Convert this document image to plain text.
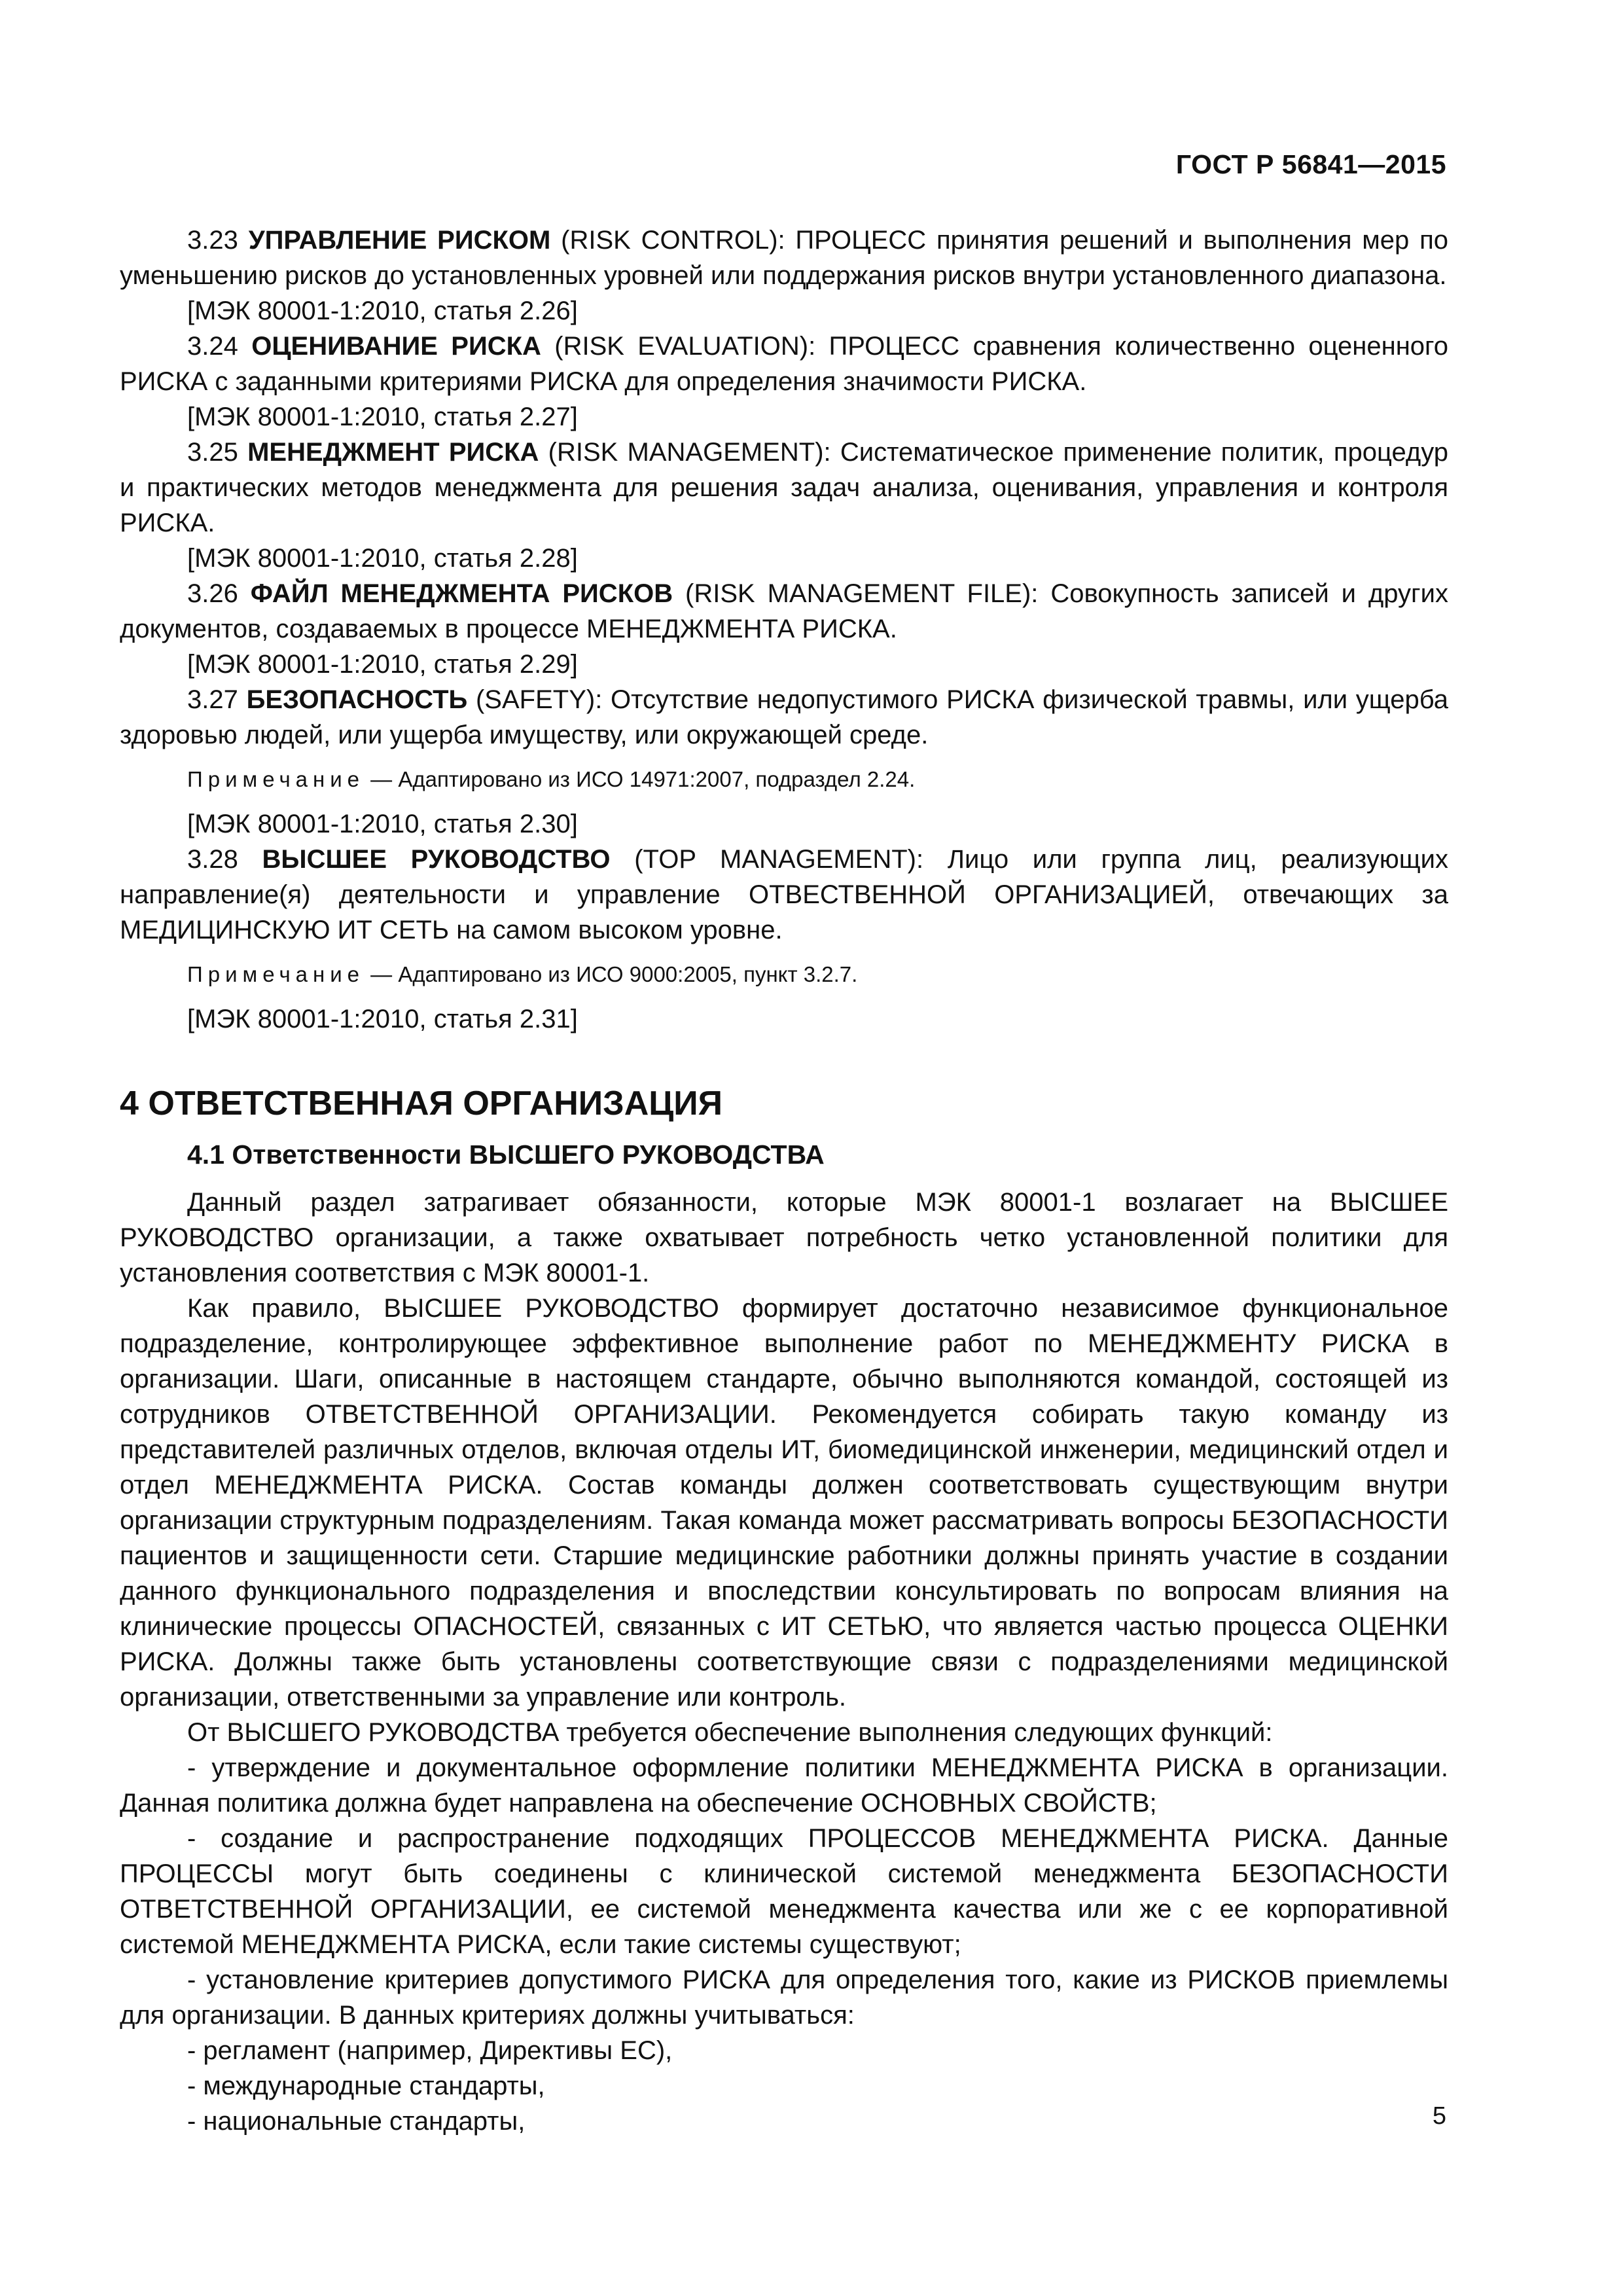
ГОСТ Р 56841—2015

3.23 УПРАВЛЕНИЕ РИСКОМ (RISK CONTROL): ПРОЦЕСС принятия решений и выполнения мер по уменьшению рисков до установленных уровней или поддержания рисков внутри установленного диапазона.

[МЭК 80001-1:2010, статья 2.26]

3.24 ОЦЕНИВАНИЕ РИСКА (RISK EVALUATION): ПРОЦЕСС сравнения количественно оцененного РИСКА с заданными критериями РИСКА для определения значимости РИСКА.

[МЭК 80001-1:2010, статья 2.27]

3.25 МЕНЕДЖМЕНТ РИСКА (RISK MANAGEMENT): Систематическое применение политик, процедур и практических методов менеджмента для решения задач анализа, оценивания, управления и контроля РИСКА.

[МЭК 80001-1:2010, статья 2.28]

3.26 ФАЙЛ МЕНЕДЖМЕНТА РИСКОВ (RISK MANAGEMENT FILE): Совокупность записей и других документов, создаваемых в процессе МЕНЕДЖМЕНТА РИСКА.

[МЭК 80001-1:2010, статья 2.29]

3.27 БЕЗОПАСНОСТЬ (SAFETY): Отсутствие недопустимого РИСКА физической травмы, или ущерба здоровью людей, или ущерба имуществу, или окружающей среде.

Примечание — Адаптировано из ИСО 14971:2007, подраздел 2.24.

[МЭК 80001-1:2010, статья 2.30]

3.28 ВЫСШЕЕ РУКОВОДСТВО (TOP MANAGEMENT): Лицо или группа лиц, реализующих направление(я) деятельности и управление ОТВЕСТВЕННОЙ ОРГАНИЗАЦИЕЙ, отвечающих за МЕДИЦИНСКУЮ ИТ СЕТЬ на самом высоком уровне.

Примечание — Адаптировано из ИСО 9000:2005, пункт 3.2.7.

[МЭК 80001-1:2010, статья 2.31]

4 ОТВЕТСТВЕННАЯ ОРГАНИЗАЦИЯ
4.1 Ответственности ВЫСШЕГО РУКОВОДСТВА

Данный раздел затрагивает обязанности, которые МЭК 80001-1 возлагает на ВЫСШЕЕ РУКОВОДСТВО организации, а также охватывает потребность четко установленной политики для установления соответствия с МЭК 80001-1.

Как правило, ВЫСШЕЕ РУКОВОДСТВО формирует достаточно независимое функциональное подразделение, контролирующее эффективное выполнение работ по МЕНЕДЖМЕНТУ РИСКА в организации. Шаги, описанные в настоящем стандарте, обычно выполняются командой, состоящей из сотрудников ОТВЕТСТВЕННОЙ ОРГАНИЗАЦИИ. Рекомендуется собирать такую команду из представителей различных отделов, включая отделы ИТ, биомедицинской инженерии, медицинский отдел и отдел МЕНЕДЖМЕНТА РИСКА. Состав команды должен соответствовать существующим внутри организации структурным подразделениям. Такая команда может рассматривать вопросы БЕЗОПАСНОСТИ пациентов и защищенности сети. Старшие медицинские работники должны принять участие в создании данного функционального подразделения и впоследствии консультировать по вопросам влияния на клинические процессы ОПАСНОСТЕЙ, связанных с ИТ СЕТЬЮ, что является частью процесса ОЦЕНКИ РИСКА. Должны также быть установлены соответствующие связи с подразделениями медицинской организации, ответственными за управление или контроль.

От ВЫСШЕГО РУКОВОДСТВА требуется обеспечение выполнения следующих функций:

- утверждение и документальное оформление политики МЕНЕДЖМЕНТА РИСКА в организации. Данная политика должна будет направлена на обеспечение ОСНОВНЫХ СВОЙСТВ;

- создание и распространение подходящих ПРОЦЕССОВ МЕНЕДЖМЕНТА РИСКА. Данные ПРОЦЕССЫ могут быть соединены с клинической системой менеджмента БЕЗОПАСНОСТИ ОТВЕТСТВЕННОЙ ОРГАНИЗАЦИИ, ее системой менеджмента качества или же с ее корпоративной системой МЕНЕДЖМЕНТА РИСКА, если такие системы существуют;

- установление критериев допустимого РИСКА для определения того, какие из РИСКОВ приемлемы для организации. В данных критериях должны учитываться:

- регламент (например, Директивы ЕС),

- международные стандарты,

- национальные стандарты,	5
